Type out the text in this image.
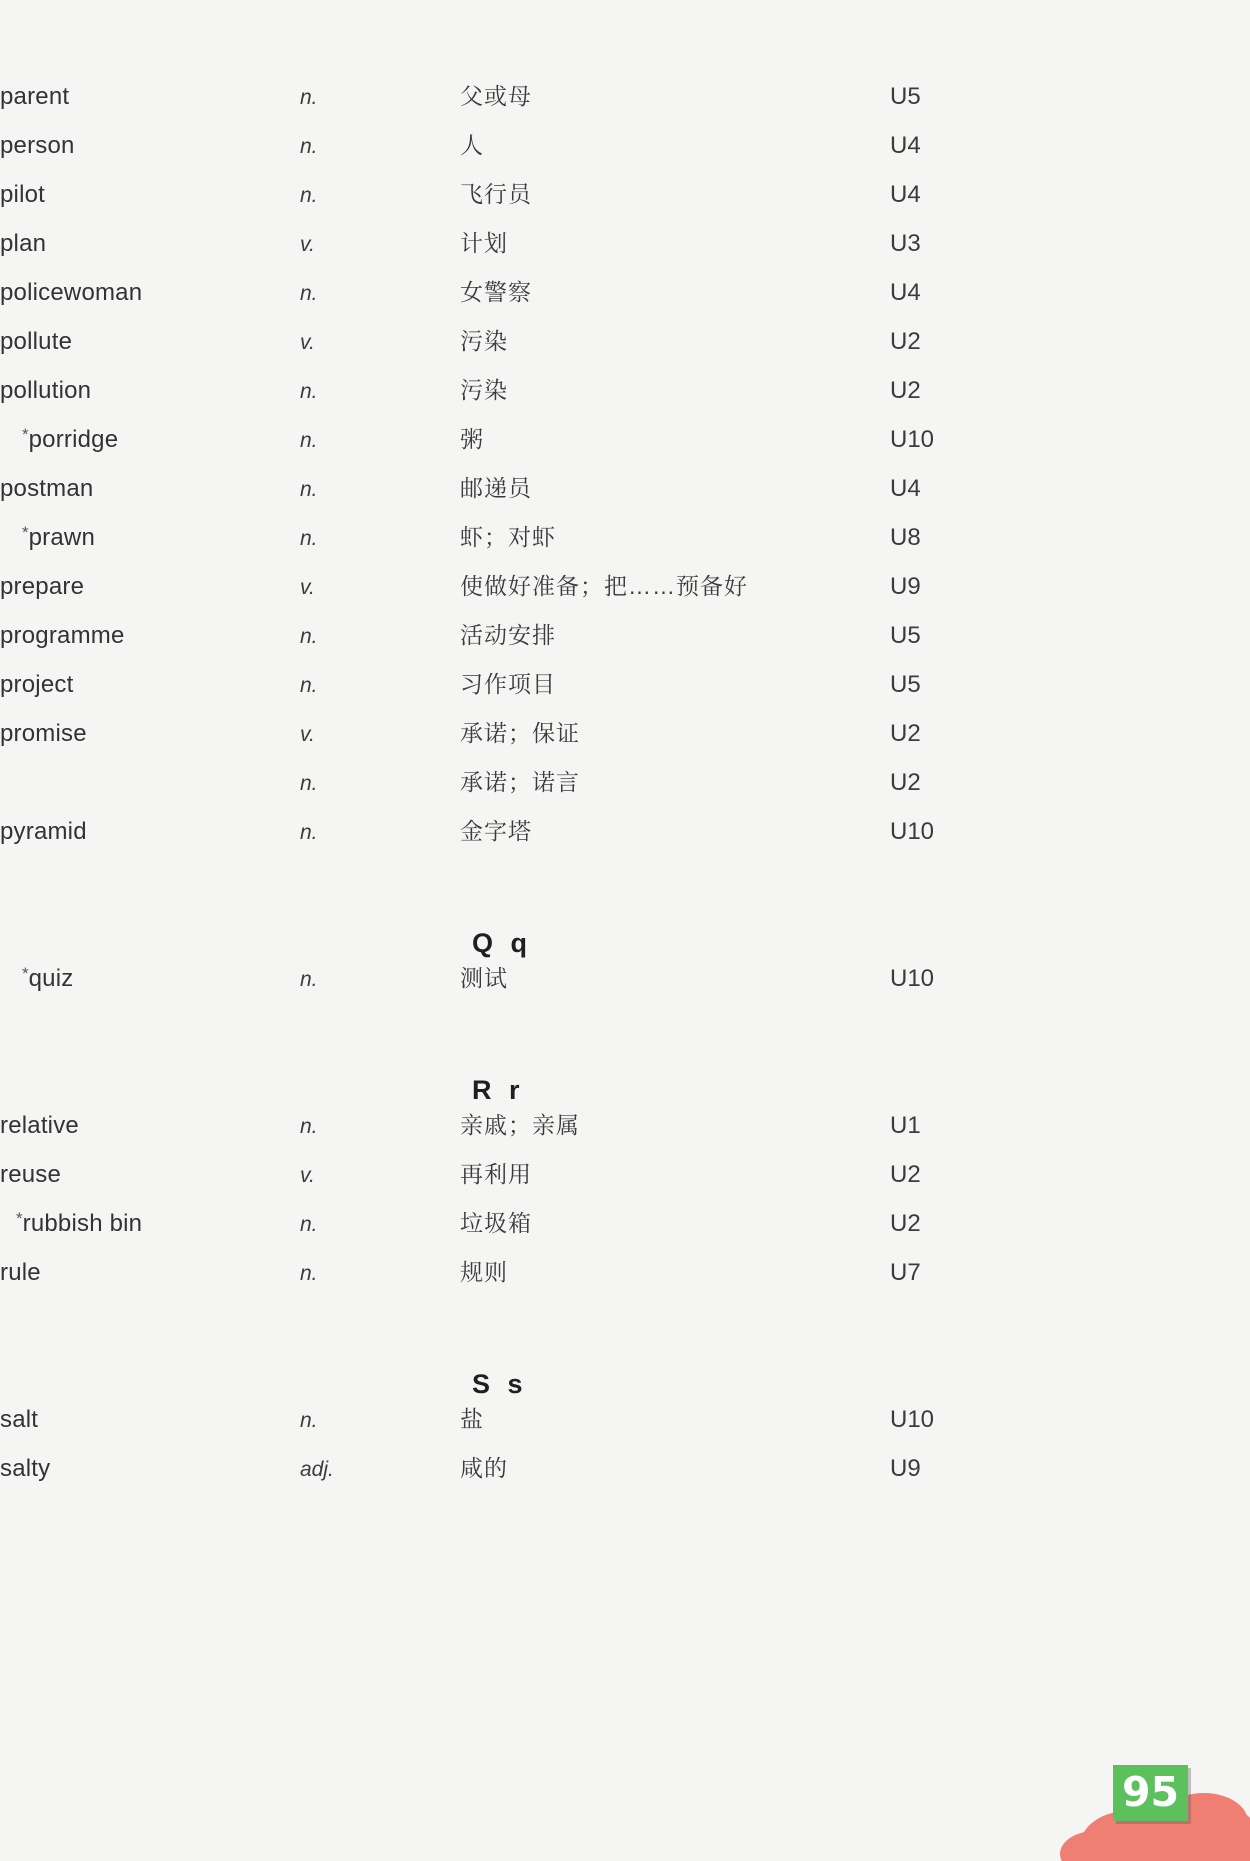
parent	n.	父或母	U5
person	n.	人	U4
pilot	n.	飞行员	U4
plan	v.	计划	U3
policewoman	n.	女警察	U4
pollute	v.	污染	U2
pollution	n.	污染	U2
*porridge	n.	粥	U10
postman	n.	邮递员	U4
*prawn	n.	虾；对虾	U8
prepare	v.	使做好准备；把……预备好	U9
programme	n.	活动安排	U5
project	n.	习作项目	U5
promise	v.	承诺；保证	U2
	n.	承诺；诺言	U2
pyramid	n.	金字塔	U10
		Q q	
*quiz	n.	测试	U10
		R r	
relative	n.	亲戚；亲属	U1
reuse	v.	再利用	U2
*rubbish bin	n.	垃圾箱	U2
rule	n.	规则	U7
		S s	
salt	n.	盐	U10
salty	adj.	咸的	U9
95
